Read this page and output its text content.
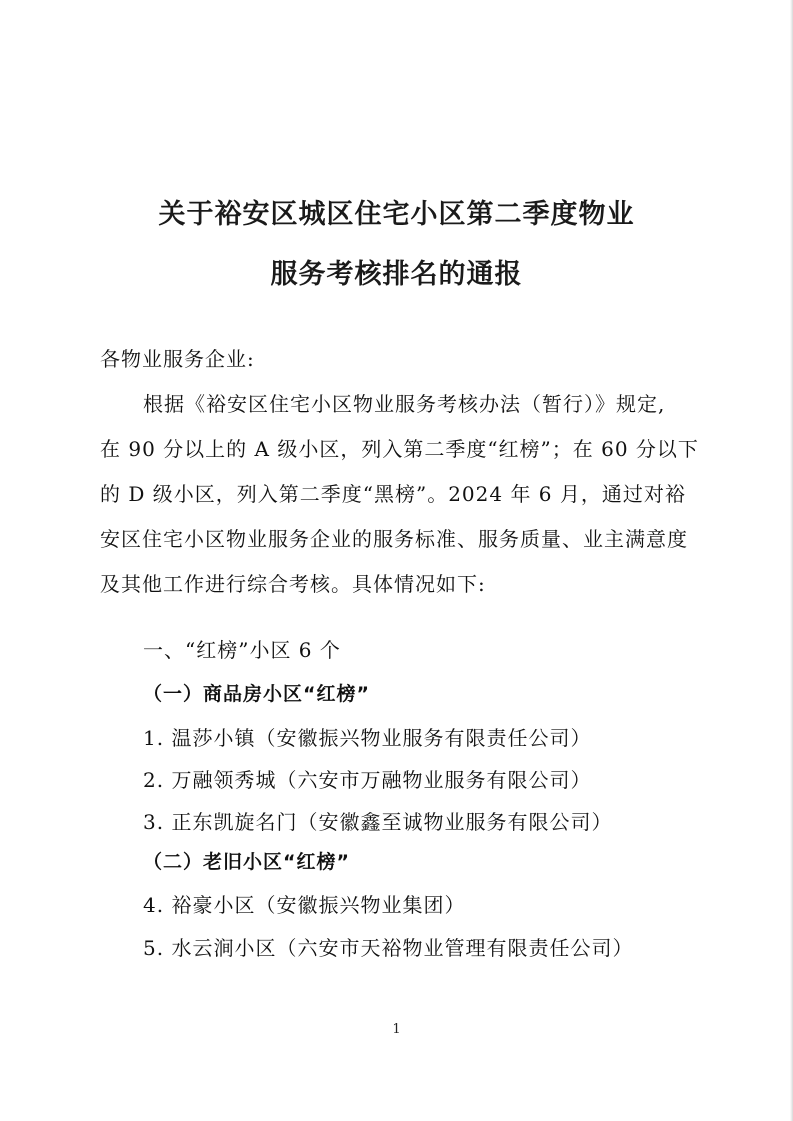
关于裕安区城区住宅小区第二季度物业
服务考核排名的通报
各物业服务企业:
根据《裕安区住宅小区物业服务考核办法（暂行）》规定,
在 90 分以上的 A 级小区，列入第二季度“红榜”；在 60 分以下
的 D 级小区，列入第二季度“黑榜”。2024 年 6 月，通过对裕
安区住宅小区物业服务企业的服务标准、服务质量、业主满意度
及其他工作进行综合考核。具体情况如下:
一、“红榜”小区 6 个
（一）商品房小区“红榜”
1. 温莎小镇（安徽振兴物业服务有限责任公司）
2. 万融领秀城（六安市万融物业服务有限公司）
3. 正东凯旋名门（安徽鑫至诚物业服务有限公司）
（二）老旧小区“红榜”
4. 裕豪小区（安徽振兴物业集团）
5. 水云涧小区（六安市天裕物业管理有限责任公司）
1
